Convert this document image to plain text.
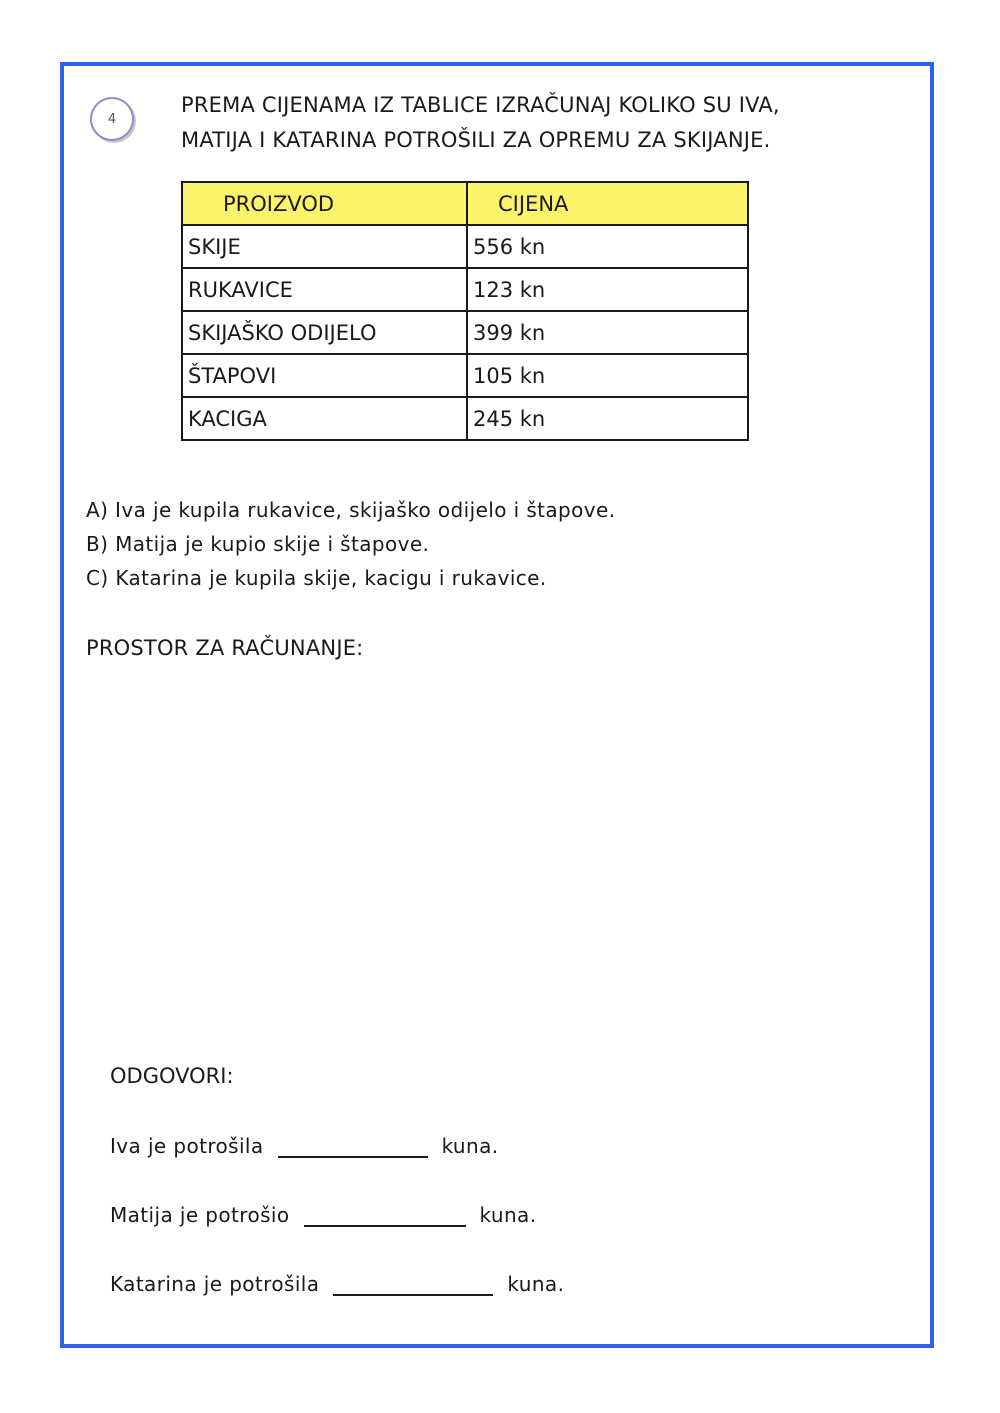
4
PREMA CIJENAMA IZ TABLICE IZRAČUNAJ KOLIKO SU IVA,
MATIJA I KATARINA POTROŠILI ZA OPREMU ZA SKIJANJE.
PROIZVOD	CIJENA
SKIJE	556 kn
RUKAVICE	123 kn
SKIJAŠKO ODIJELO	399 kn
ŠTAPOVI	105 kn
KACIGA	245 kn
A) Iva je kupila rukavice, skijaško odijelo i štapove.
B) Matija je kupio skije i štapove.
C) Katarina je kupila skije, kacigu i rukavice.
PROSTOR ZA RAČUNANJE:
ODGOVORI:
Iva je potrošila	kuna.
Matija je potrošio	kuna.
Katarina je potrošila	kuna.
